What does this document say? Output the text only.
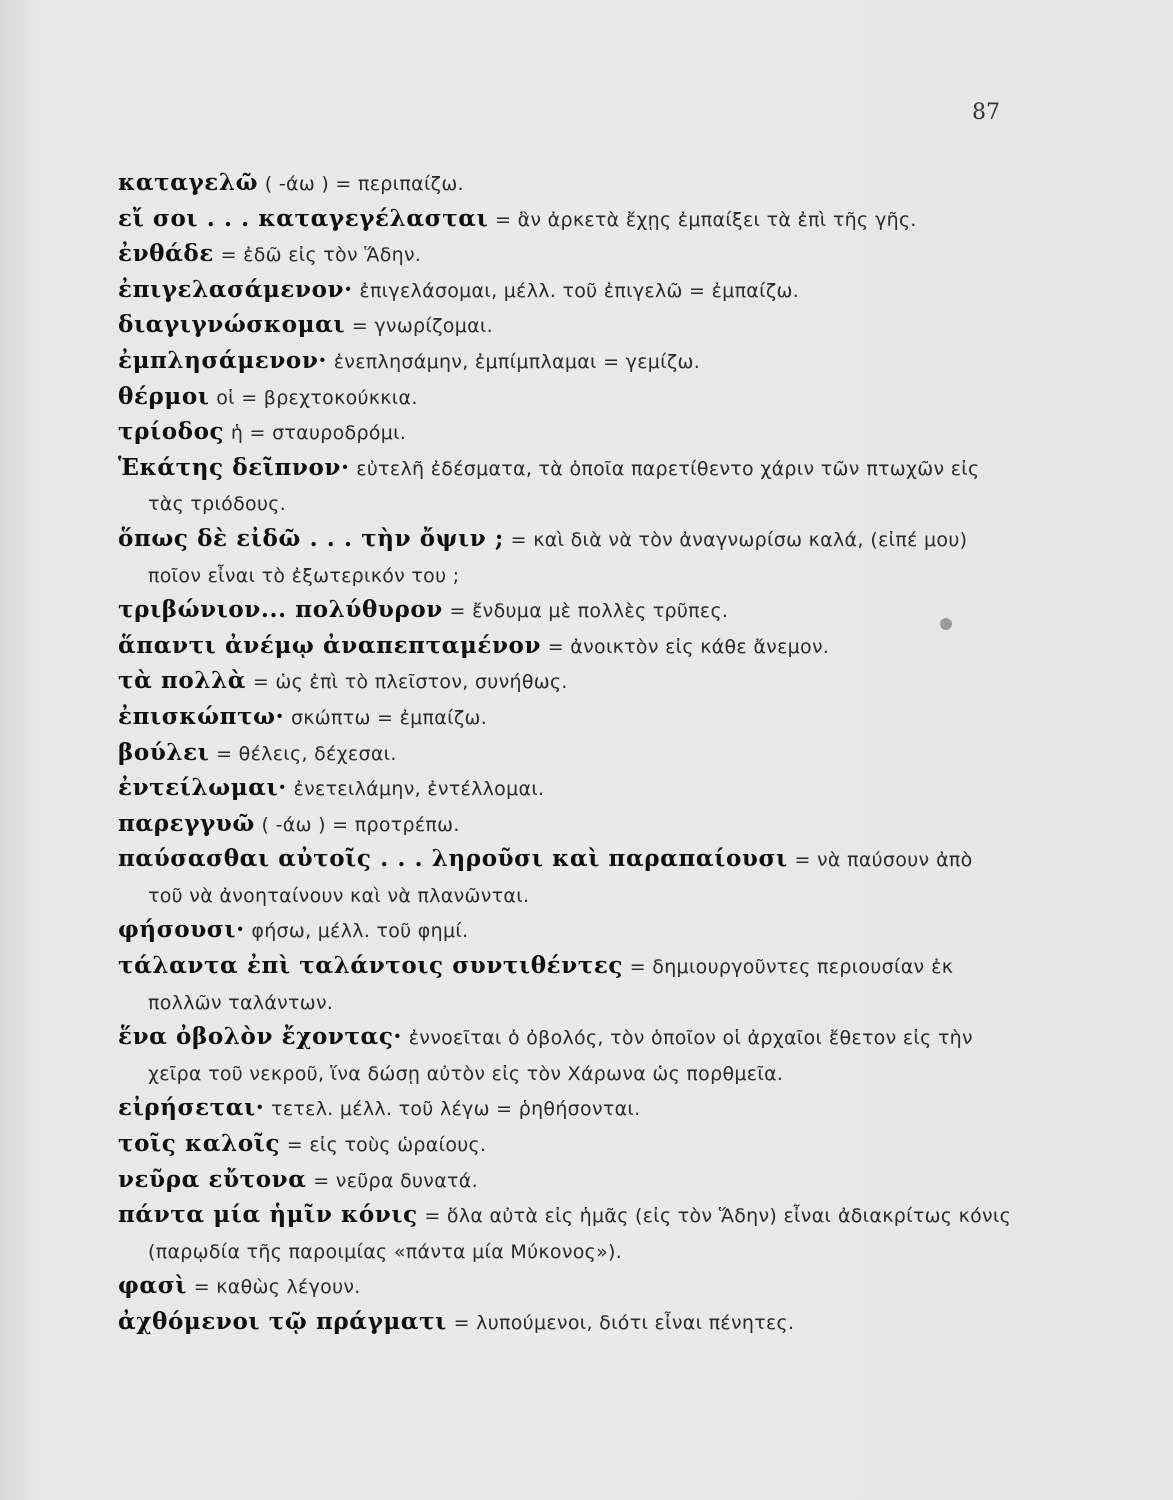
87
καταγελῶ ( -άω ) = περιπαίζω.
εἴ σοι . . . καταγεγέλασται = ἂν ἀρκετὰ ἔχῃς ἐμπαίξει τὰ ἐπὶ τῆς γῆς.
ἐνθάδε = ἐδῶ εἰς τὸν Ἅδην.
ἐπιγελασάμενον· ἐπιγελάσομαι, μέλλ. τοῦ ἐπιγελῶ = ἐμπαίζω.
διαγιγνώσκομαι = γνωρίζομαι.
ἐμπλησάμενον· ἐνεπλησάμην, ἐμπίμπλαμαι = γεμίζω.
θέρμοι οἱ = βρεχτοκούκκια.
τρίοδος ἡ = σταυροδρόμι.
Ἑκάτης δεῖπνον· εὐτελῆ ἐδέσματα, τὰ ὁποῖα παρετίθεντο χάριν τῶν πτωχῶν εἰς τὰς τριόδους.
ὅπως δὲ εἰδῶ . . . τὴν ὄψιν ; = καὶ διὰ νὰ τὸν ἀναγνωρίσω καλά, (εἰπέ μου) ποῖον εἶναι τὸ ἐξωτερικόν του ;
τριβώνιον... πολύθυρον = ἔνδυμα μὲ πολλὲς τρῦπες.
ἅπαντι ἀνέμῳ ἀναπεπταμένον = ἀνοικτὸν εἰς κάθε ἄνεμον.
τὰ πολλὰ = ὡς ἐπὶ τὸ πλεῖστον, συνήθως.
ἐπισκώπτω· σκώπτω = ἐμπαίζω.
βούλει = θέλεις, δέχεσαι.
ἐντείλωμαι· ἐνετειλάμην, ἐντέλλομαι.
παρεγγυῶ ( -άω ) = προτρέπω.
παύσασθαι αὐτοῖς . . . ληροῦσι καὶ παραπαίουσι = νὰ παύσουν ἀπὸ τοῦ νὰ ἀνοηταίνουν καὶ νὰ πλανῶνται.
φήσουσι· φήσω, μέλλ. τοῦ φημί.
τάλαντα ἐπὶ ταλάντοις συντιθέντες = δημιουργοῦντες περιουσίαν ἐκ πολλῶν ταλάντων.
ἕνα ὀβολὸν ἔχοντας· ἐννοεῖται ὁ ὀβολός, τὸν ὁποῖον οἱ ἀρχαῖοι ἔθετον εἰς τὴν χεῖρα τοῦ νεκροῦ, ἵνα δώσῃ αὐτὸν εἰς τὸν Χάρωνα ὡς πορθμεῖα.
εἰρήσεται· τετελ. μέλλ. τοῦ λέγω = ῥηθήσονται.
τοῖς καλοῖς = εἰς τοὺς ὡραίους.
νεῦρα εὔτονα = νεῦρα δυνατά.
πάντα μία ἡμῖν κόνις = ὅλα αὐτὰ εἰς ἡμᾶς (εἰς τὸν Ἅδην) εἶναι ἀδιακρίτως κόνις (παρῳδία τῆς παροιμίας «πάντα μία Μύκονος»).
φασὶ = καθὼς λέγουν.
ἀχθόμενοι τῷ πράγματι = λυπούμενοι, διότι εἶναι πένητες.
